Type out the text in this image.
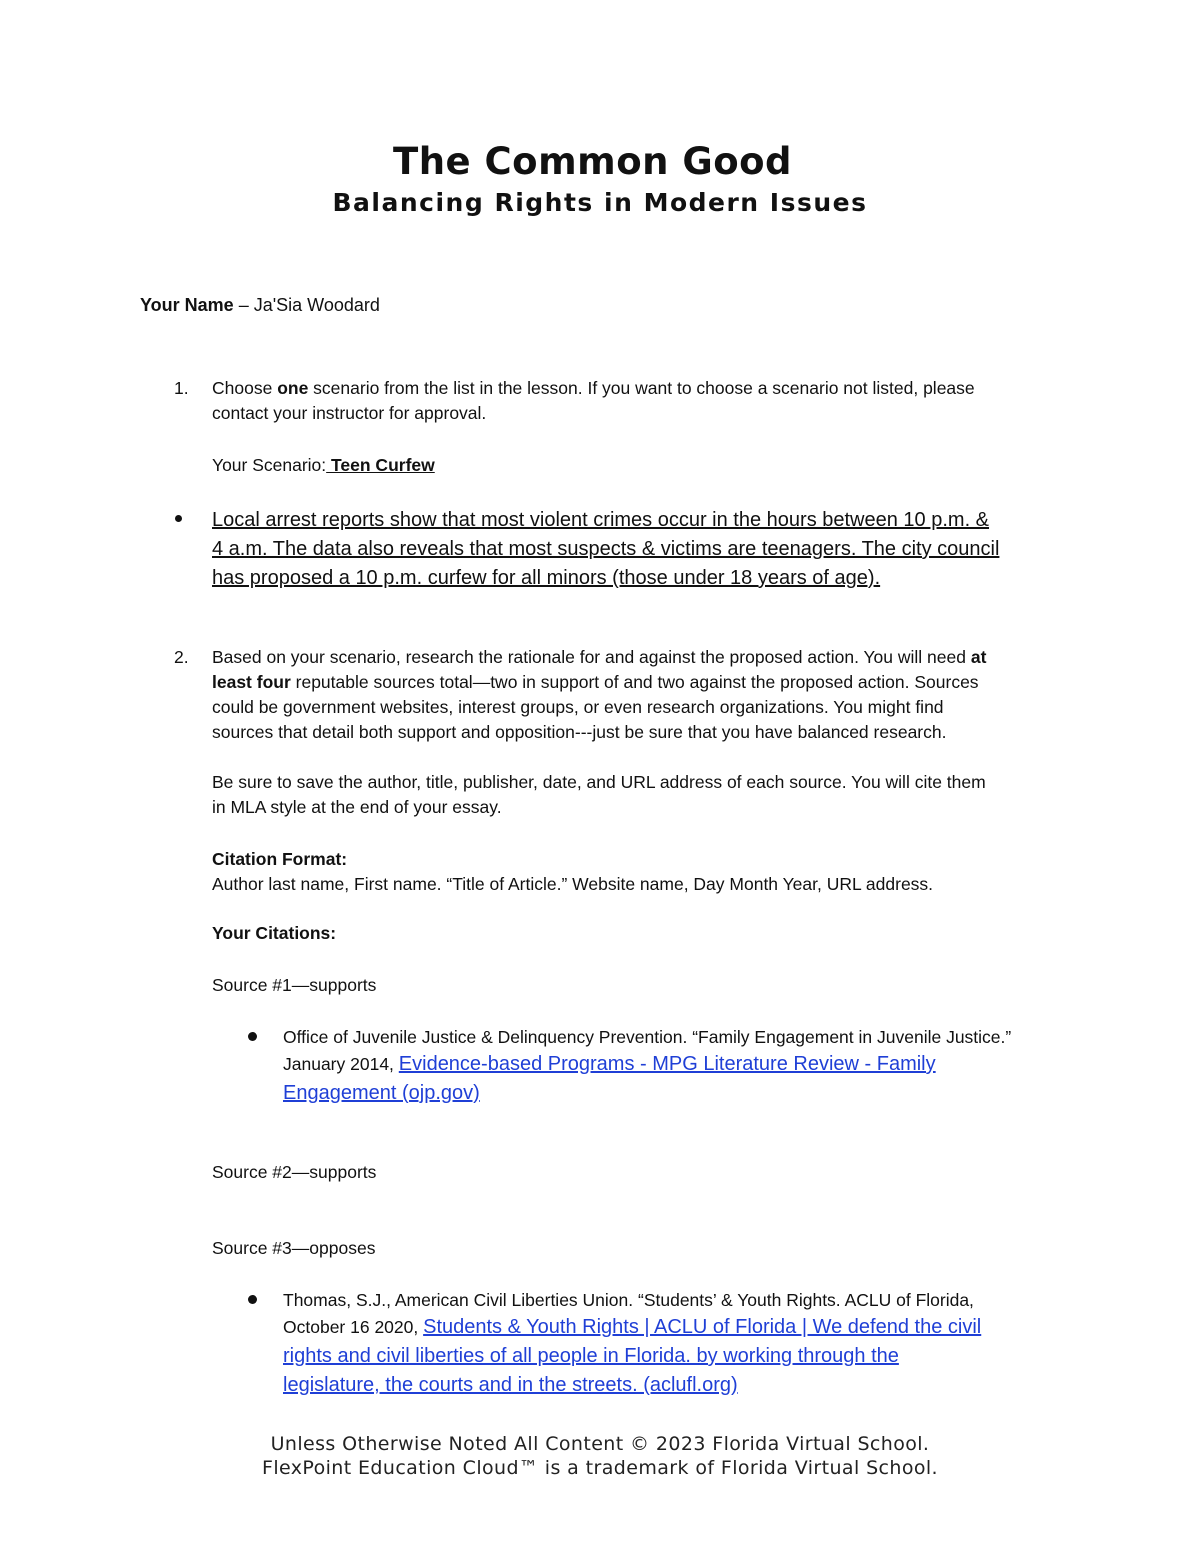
The Common Good
Balancing Rights in Modern Issues
Your Name – Ja'Sia Woodard
1. Choose one scenario from the list in the lesson. If you want to choose a scenario not listed, please
contact your instructor for approval.
Your Scenario: Teen Curfew
Local arrest reports show that most violent crimes occur in the hours between 10 p.m. &
4 a.m. The data also reveals that most suspects & victims are teenagers. The city council
has proposed a 10 p.m. curfew for all minors (those under 18 years of age).
2. Based on your scenario, research the rationale for and against the proposed action. You will need at
least four reputable sources total—two in support of and two against the proposed action. Sources
could be government websites, interest groups, or even research organizations. You might find
sources that detail both support and opposition---just be sure that you have balanced research.
Be sure to save the author, title, publisher, date, and URL address of each source. You will cite them
in MLA style at the end of your essay.
Citation Format:
Author last name, First name. “Title of Article.” Website name, Day Month Year, URL address.
Your Citations:
Source #1—supports
Office of Juvenile Justice & Delinquency Prevention. “Family Engagement in Juvenile Justice.”
January 2014, Evidence-based Programs - MPG Literature Review - Family
Engagement (ojp.gov)
Source #2—supports
Source #3—opposes
Thomas, S.J., American Civil Liberties Union. “Students’ & Youth Rights. ACLU of Florida,
October 16 2020, Students & Youth Rights | ACLU of Florida | We defend the civil
rights and civil liberties of all people in Florida. by working through the
legislature, the courts and in the streets. (aclufl.org)
Unless Otherwise Noted All Content © 2023 Florida Virtual School.
FlexPoint Education Cloud™ is a trademark of Florida Virtual School.
